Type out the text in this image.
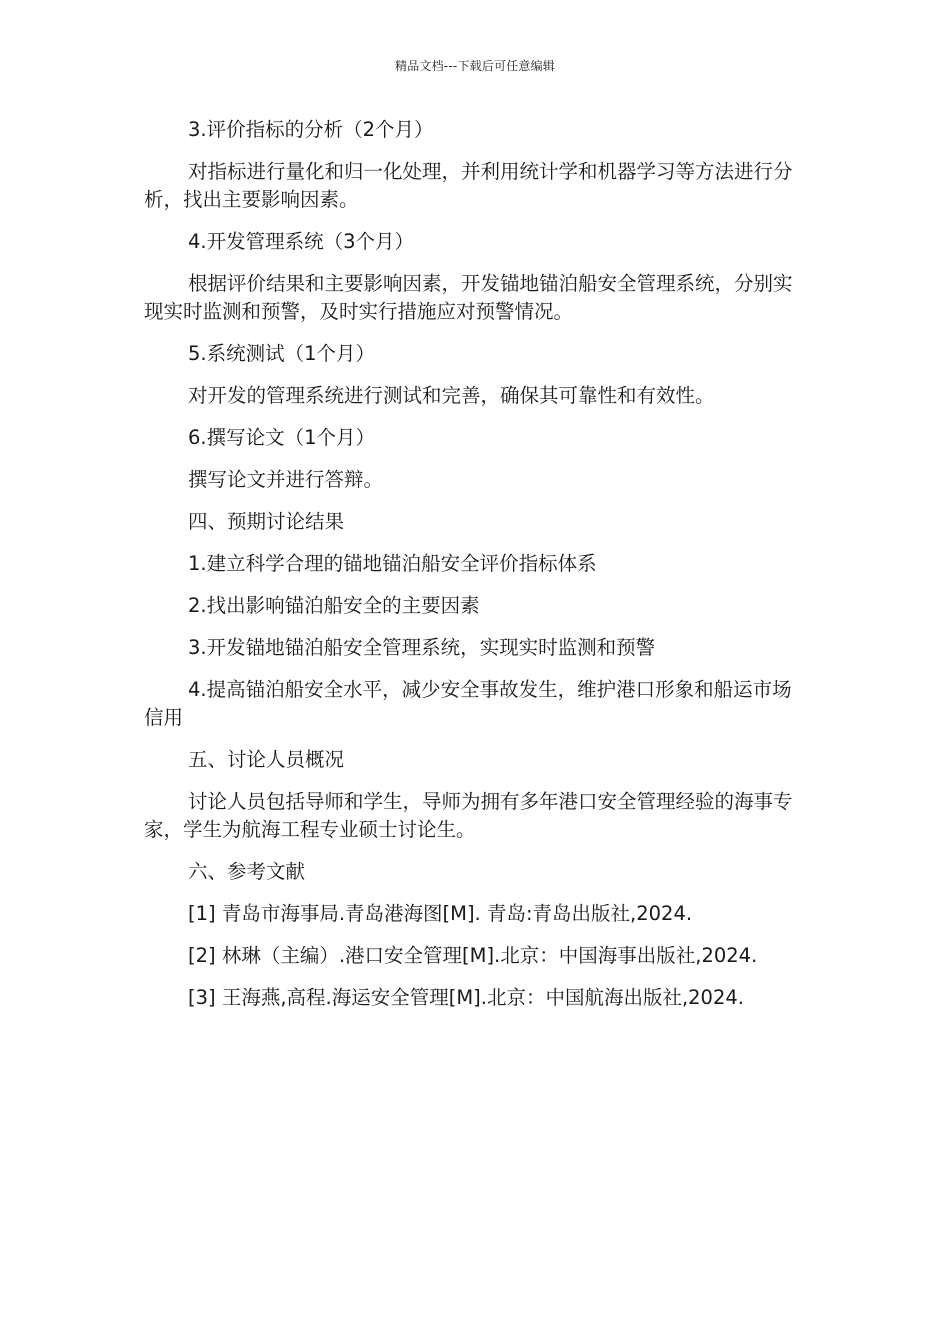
精品文档---下载后可任意编辑

3.评价指标的分析（2个月）

对指标进行量化和归一化处理，并利用统计学和机器学习等方法进行分析，找出主要影响因素。

4.开发管理系统（3个月）

根据评价结果和主要影响因素，开发锚地锚泊船安全管理系统，分别实现实时监测和预警，及时实行措施应对预警情况。

5.系统测试（1个月）

对开发的管理系统进行测试和完善，确保其可靠性和有效性。

6.撰写论文（1个月）

撰写论文并进行答辩。

四、预期讨论结果

1.建立科学合理的锚地锚泊船安全评价指标体系

2.找出影响锚泊船安全的主要因素

3.开发锚地锚泊船安全管理系统，实现实时监测和预警

4.提高锚泊船安全水平，减少安全事故发生，维护港口形象和船运市场信用

五、讨论人员概况

讨论人员包括导师和学生，导师为拥有多年港口安全管理经验的海事专家，学生为航海工程专业硕士讨论生。

六、参考文献

[1] 青岛市海事局.青岛港海图[M]. 青岛:青岛出版社,2024.

[2] 林琳（主编）.港口安全管理[M].北京：中国海事出版社,2024.

[3] 王海燕,高程.海运安全管理[M].北京：中国航海出版社,2024.
